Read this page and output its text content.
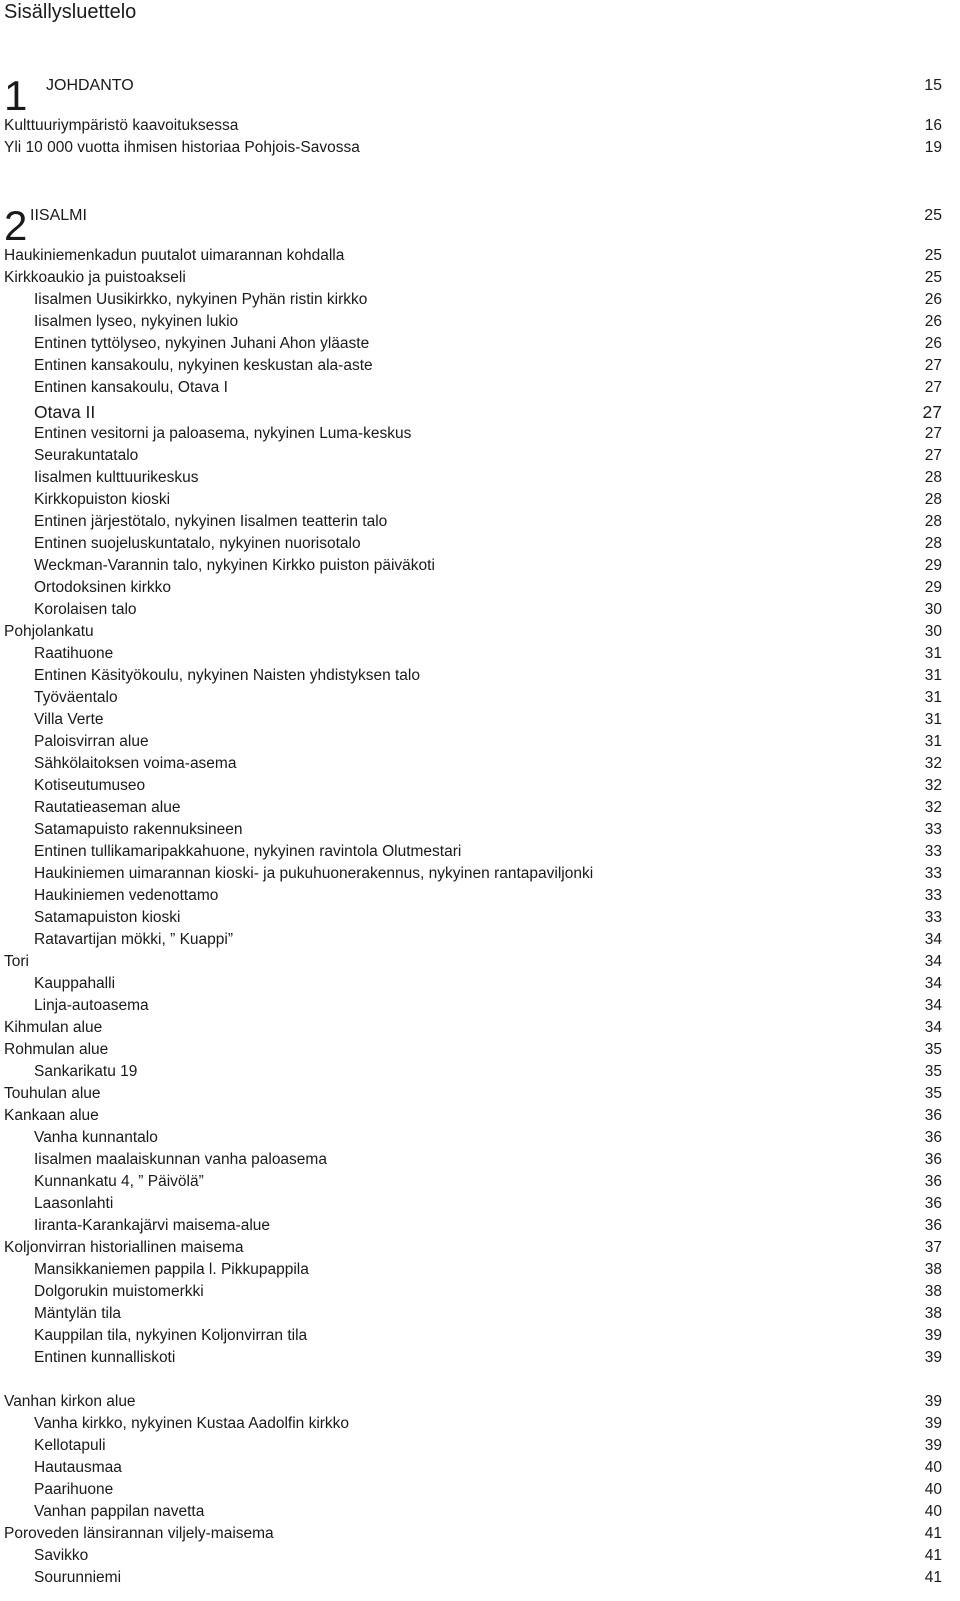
Sisällysluettelo
1 JOHDANTO	15
Kulttuuriympäristö kaavoituksessa	16
Yli 10 000 vuotta ihmisen historiaa Pohjois-Savossa	19
2 IISALMI	25
Haukiniemenkadun puutalot uimarannan kohdalla	25
Kirkkoaukio ja puistoakseli	25
Iisalmen Uusikirkko, nykyinen Pyhän ristin kirkko	26
Iisalmen lyseo, nykyinen lukio	26
Entinen tyttölyseo, nykyinen Juhani Ahon yläaste	26
Entinen kansakoulu, nykyinen keskustan ala-aste	27
Entinen kansakoulu, Otava I	27
Otava II	27
Entinen vesitorni ja paloasema, nykyinen Luma-keskus	27
Seurakuntatalo	27
Iisalmen kulttuurikeskus	28
Kirkkopuiston kioski	28
Entinen järjestötalo, nykyinen Iisalmen teatterin talo	28
Entinen suojeluskuntatalo, nykyinen nuorisotalo	28
Weckman-Varannin talo, nykyinen Kirkko puiston päiväkoti	29
Ortodoksinen kirkko	29
Korolaisen talo	30
Pohjolankatu	30
Raatihuone	31
Entinen Käsityökoulu, nykyinen Naisten yhdistyksen talo	31
Työväentalo	31
Villa Verte	31
Paloisvirran alue	31
Sähkölaitoksen voima-asema	32
Kotiseutumuseo	32
Rautatieaseman alue	32
Satamapuisto rakennuksineen	33
Entinen tullikamaripakkahuone, nykyinen ravintola Olutmestari	33
Haukiniemen uimarannan kioski- ja pukuhuonerakennus, nykyinen rantapaviljonki	33
Haukiniemen vedenottamo	33
Satamapuiston kioski	33
Ratavartijan mökki, ” Kuappi”	34
Tori	34
Kauppahalli	34
Linja-autoasema	34
Kihmulan alue	34
Rohmulan alue	35
Sankarikatu 19	35
Touhulan alue	35
Kankaan alue	36
Vanha kunnantalo	36
Iisalmen maalaiskunnan vanha paloasema	36
Kunnankatu 4, ” Päivölä”	36
Laasonlahti	36
Iiranta-Karankajärvi maisema-alue	36
Koljonvirran historiallinen maisema	37
Mansikkaniemen pappila l. Pikkupappila	38
Dolgorukin muistomerkki	38
Mäntylän tila	38
Kauppilan tila, nykyinen Koljonvirran tila	39
Entinen kunnalliskoti	39
Vanhan kirkon alue	39
Vanha kirkko, nykyinen Kustaa Aadolfin kirkko	39
Kellotapuli	39
Hautausmaa	40
Paarihuone	40
Vanhan pappilan navetta	40
Poroveden länsirannan viljely-maisema	41
Savikko	41
Sourunniemi	41
